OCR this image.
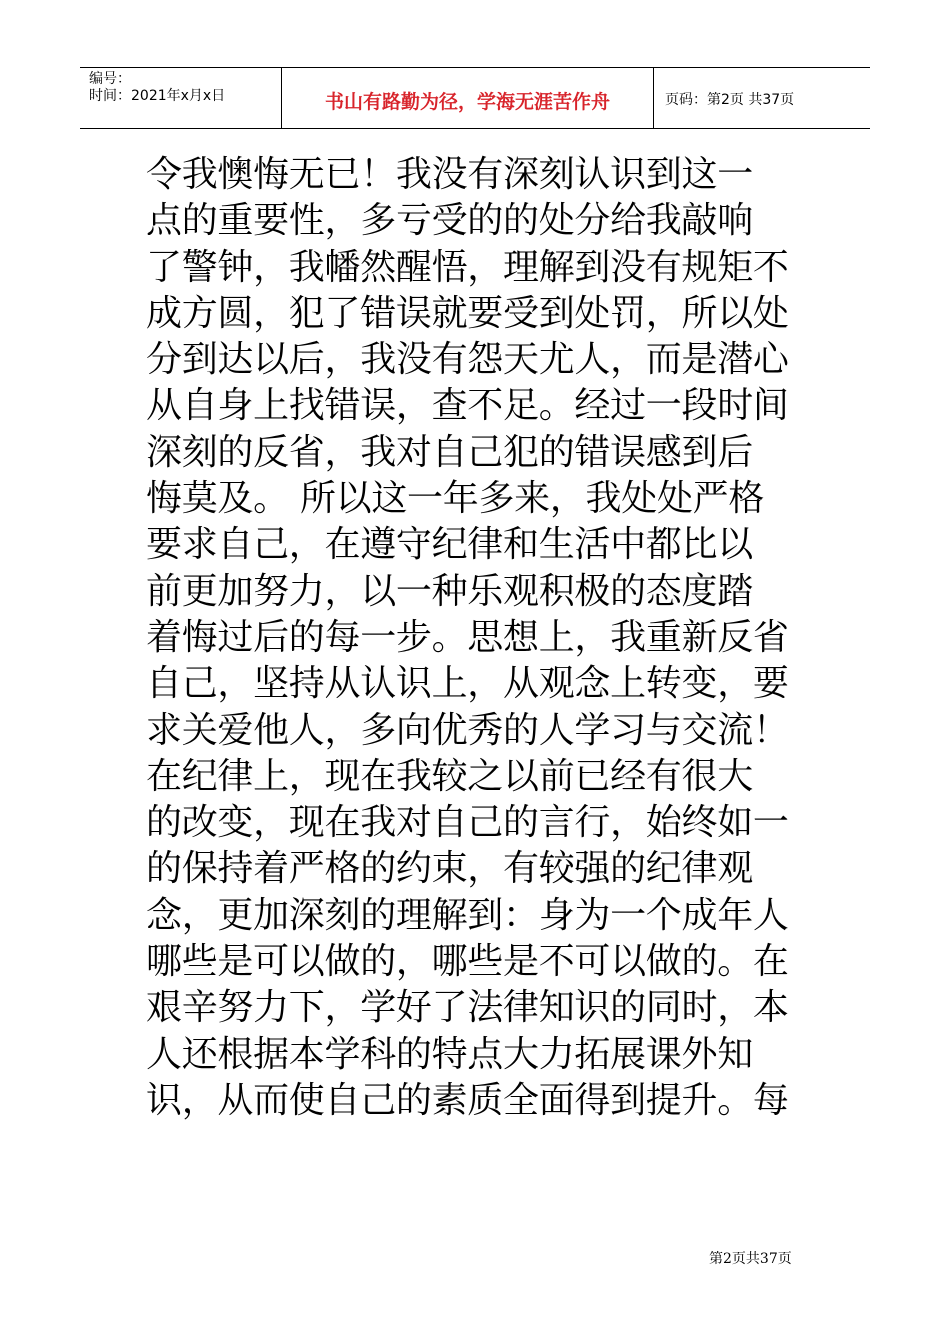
编号：
时间：2021年x月x日	书山有路勤为径，学海无涯苦作舟	页码：第2页 共37页
令我懊悔无已！我没有深刻认识到这一
点的重要性，多亏受的的处分给我敲响
了警钟，我幡然醒悟，理解到没有规矩不
成方圆，犯了错误就要受到处罚，所以处
分到达以后，我没有怨天尤人，而是潜心
从自身上找错误，查不足。经过一段时间
深刻的反省，我对自己犯的错误感到后
悔莫及。 所以这一年多来，我处处严格
要求自己，在遵守纪律和生活中都比以
前更加努力，以一种乐观积极的态度踏
着悔过后的每一步。思想上，我重新反省
自己，坚持从认识上，从观念上转变，要
求关爱他人，多向优秀的人学习与交流！
在纪律上，现在我较之以前已经有很大
的改变，现在我对自己的言行，始终如一
的保持着严格的约束，有较强的纪律观
念，更加深刻的理解到：身为一个成年人
哪些是可以做的，哪些是不可以做的。在
艰辛努力下，学好了法律知识的同时，本
人还根据本学科的特点大力拓展课外知
识，从而使自己的素质全面得到提升。每
第2页共37页
